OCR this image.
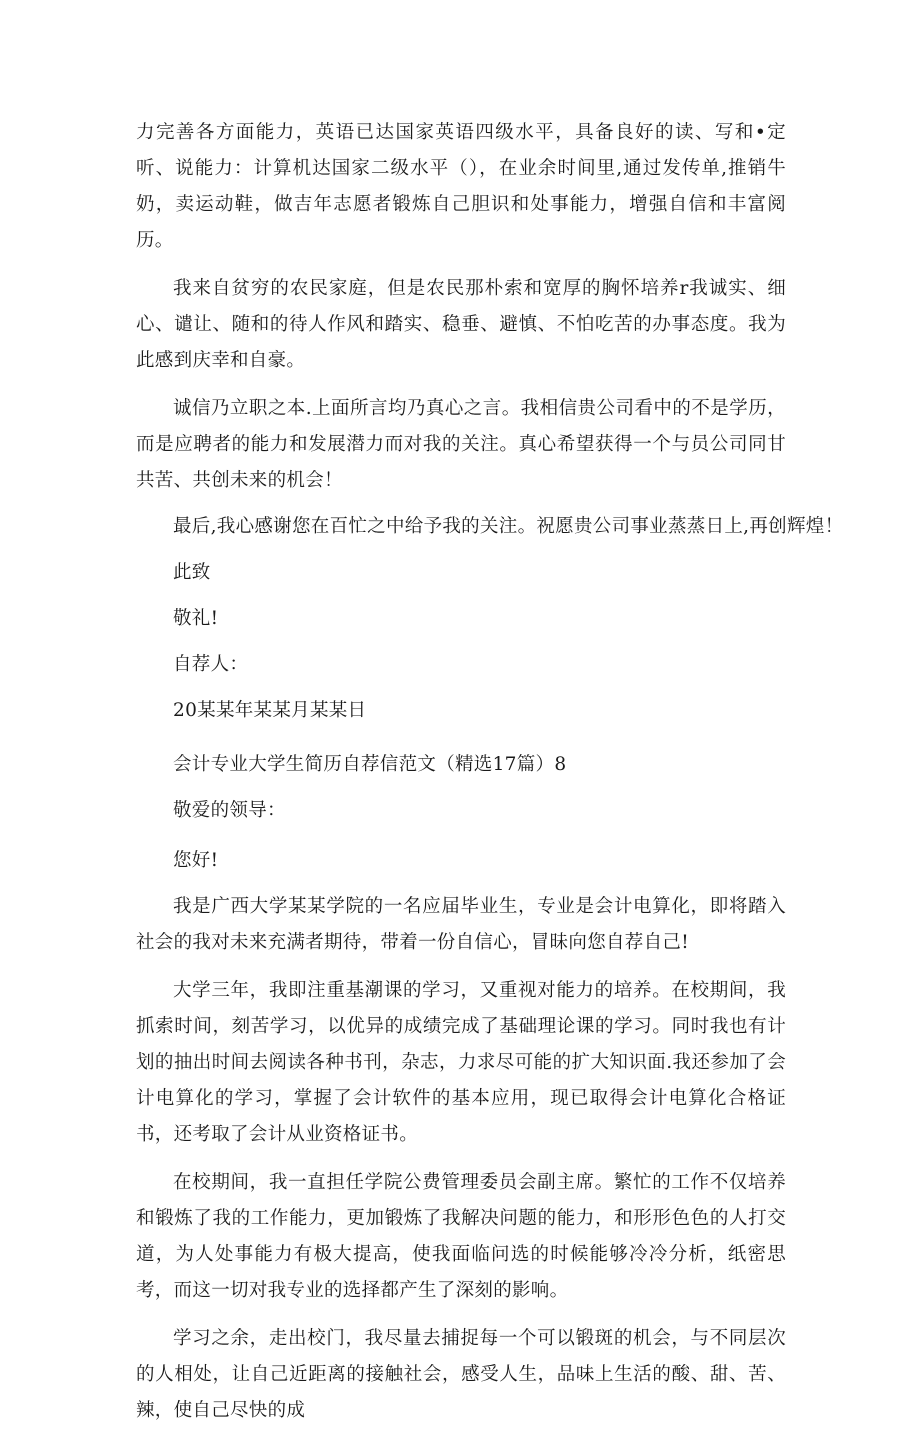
力完善各方面能力，英语已达国家英语四级水平，具备良好的读、写和•定听、说能力：计算机达国家二级水平（），在业余时间里,通过发传单,推销牛奶，卖运动鞋，做吉年志愿者锻炼自己胆识和处事能力，增强自信和丰富阅历。

我来自贫穷的农民家庭，但是农民那朴索和宽厚的胸怀培养r我诚实、细心、谴让、随和的待人作风和踏实、稳垂、避慎、不怕吃苦的办事态度。我为此感到庆幸和自豪。

诚信乃立职之本.上面所言均乃真心之言。我相信贵公司看中的不是学历，而是应聘者的能力和发展潜力而对我的关注。真心希望获得一个与员公司同甘共苦、共创未来的机会！

最后,我心感谢您在百忙之中给予我的关注。祝愿贵公司事业蒸蒸日上,再创辉煌！

此致

敬礼!

自荐人：

20某某年某某月某某日

会计专业大学生简历自荐信范文（精选17篇）8

敬爱的领导：

您好!

我是广西大学某某学院的一名应届毕业生，专业是会计电算化，即将踏入社会的我对未来充满者期待，带着一份自信心，冒昧向您自荐自己!

大学三年，我即注重基潮课的学习，又重视对能力的培养。在校期间，我抓索时间，刻苦学习，以优异的成绩完成了基础理论课的学习。同时我也有计划的抽出时间去阅读各种书刊，杂志，力求尽可能的扩大知识面.我还参加了会计电算化的学习，掌握了会计软件的基本应用，现已取得会计电算化合格证书，还考取了会计从业资格证书。

在校期间，我一直担任学院公费管理委员会副主席。繁忙的工作不仅培养和锻炼了我的工作能力，更加锻炼了我解决问题的能力，和形形色色的人打交道，为人处事能力有极大提高，使我面临问选的时候能够冷冷分析，纸密思考，而这一切对我专业的选择都产生了深刻的影响。

学习之余，走出校门，我尽量去捕捉每一个可以锻斑的机会，与不同层次的人相处，让自己近距离的接触社会，感受人生，品味上生活的酸、甜、苦、辣，使自己尽快的成
